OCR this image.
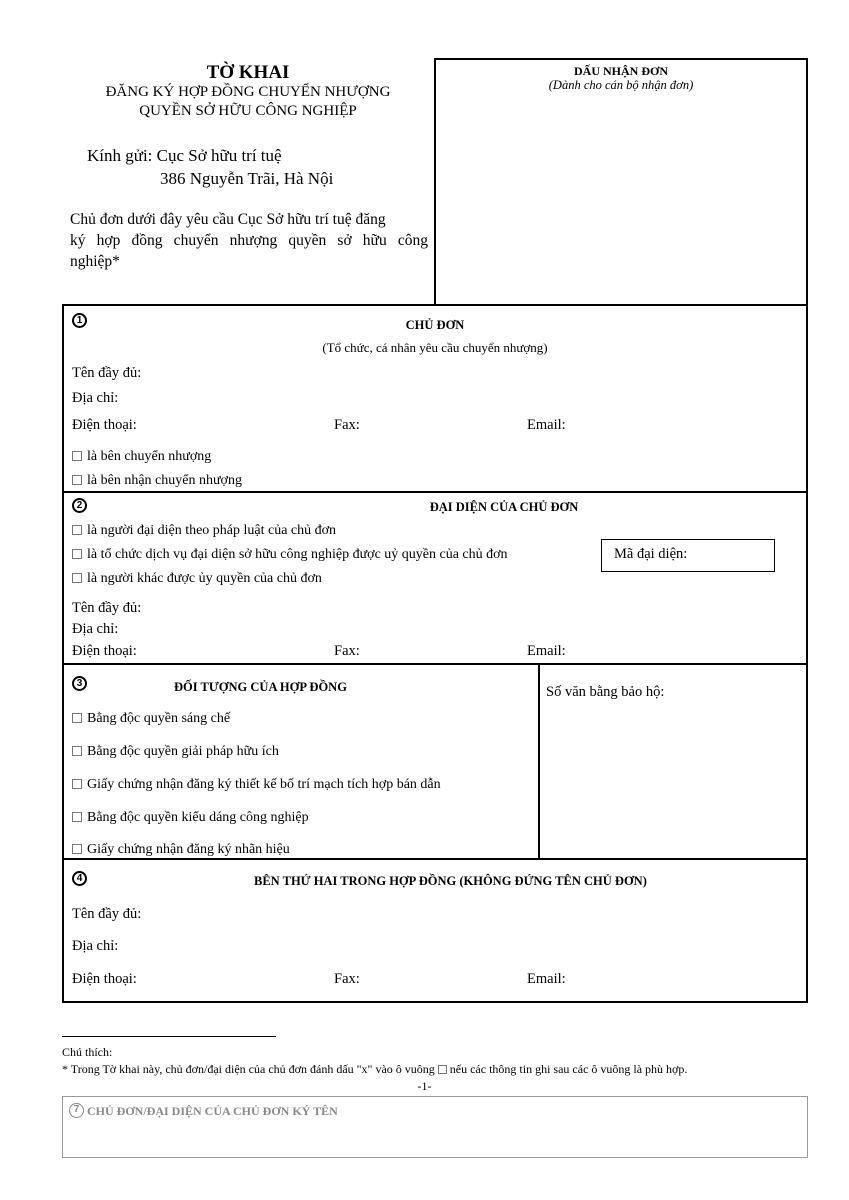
TỜ KHAI
ĐĂNG KÝ HỢP ĐỒNG CHUYỂN NHƯỢNG
QUYỀN SỞ HỮU CÔNG NGHIỆP
Kính gửi: Cục Sở hữu trí tuệ
386 Nguyễn Trãi, Hà Nội
Chủ đơn dưới đây yêu cầu Cục Sở hữu trí tuệ đăng
ký hợp đồng chuyển nhượng quyền sở hữu công
nghiệp*
DẤU NHẬN ĐƠN
(Dành cho cán bộ nhận đơn)
1	CHỦ ĐƠN
(Tổ chức, cá nhân yêu cầu chuyển nhượng)
Tên đầy đủ:
Địa chỉ:
Điện thoại:	Fax:	Email:
là bên chuyển nhượng
là bên nhận chuyển nhượng
2	ĐẠI DIỆN CỦA CHỦ ĐƠN
là người đại diện theo pháp luật của chủ đơn
là tổ chức dịch vụ đại diện sở hữu công nghiệp được uỷ quyền của chủ đơn
là người khác được ủy quyền của chủ đơn
Mã đại diện:
Tên đầy đủ:
Địa chỉ:
Điện thoại:	Fax:	Email:
3	ĐỐI TƯỢNG CỦA HỢP ĐỒNG	Số văn bằng bảo hộ:
Bằng độc quyền sáng chế
Bằng độc quyền giải pháp hữu ích
Giấy chứng nhận đăng ký thiết kế bố trí mạch tích hợp bán dẫn
Bằng độc quyền kiểu dáng công nghiệp
Giấy chứng nhận đăng ký nhãn hiệu
4	BÊN THỨ HAI TRONG HỢP ĐỒNG (KHÔNG ĐỨNG TÊN CHỦ ĐƠN)
Tên đầy đủ:
Địa chỉ:
Điện thoại:	Fax:	Email:
Chú thích:
* Trong Tờ khai này, chủ đơn/đại diện của chủ đơn đánh dấu "x" vào ô vuông nếu các thông tin ghi sau các ô vuông là phù hợp.
-1-
7 CHỦ ĐƠN/ĐẠI DIỆN CỦA CHỦ ĐƠN KÝ TÊN
